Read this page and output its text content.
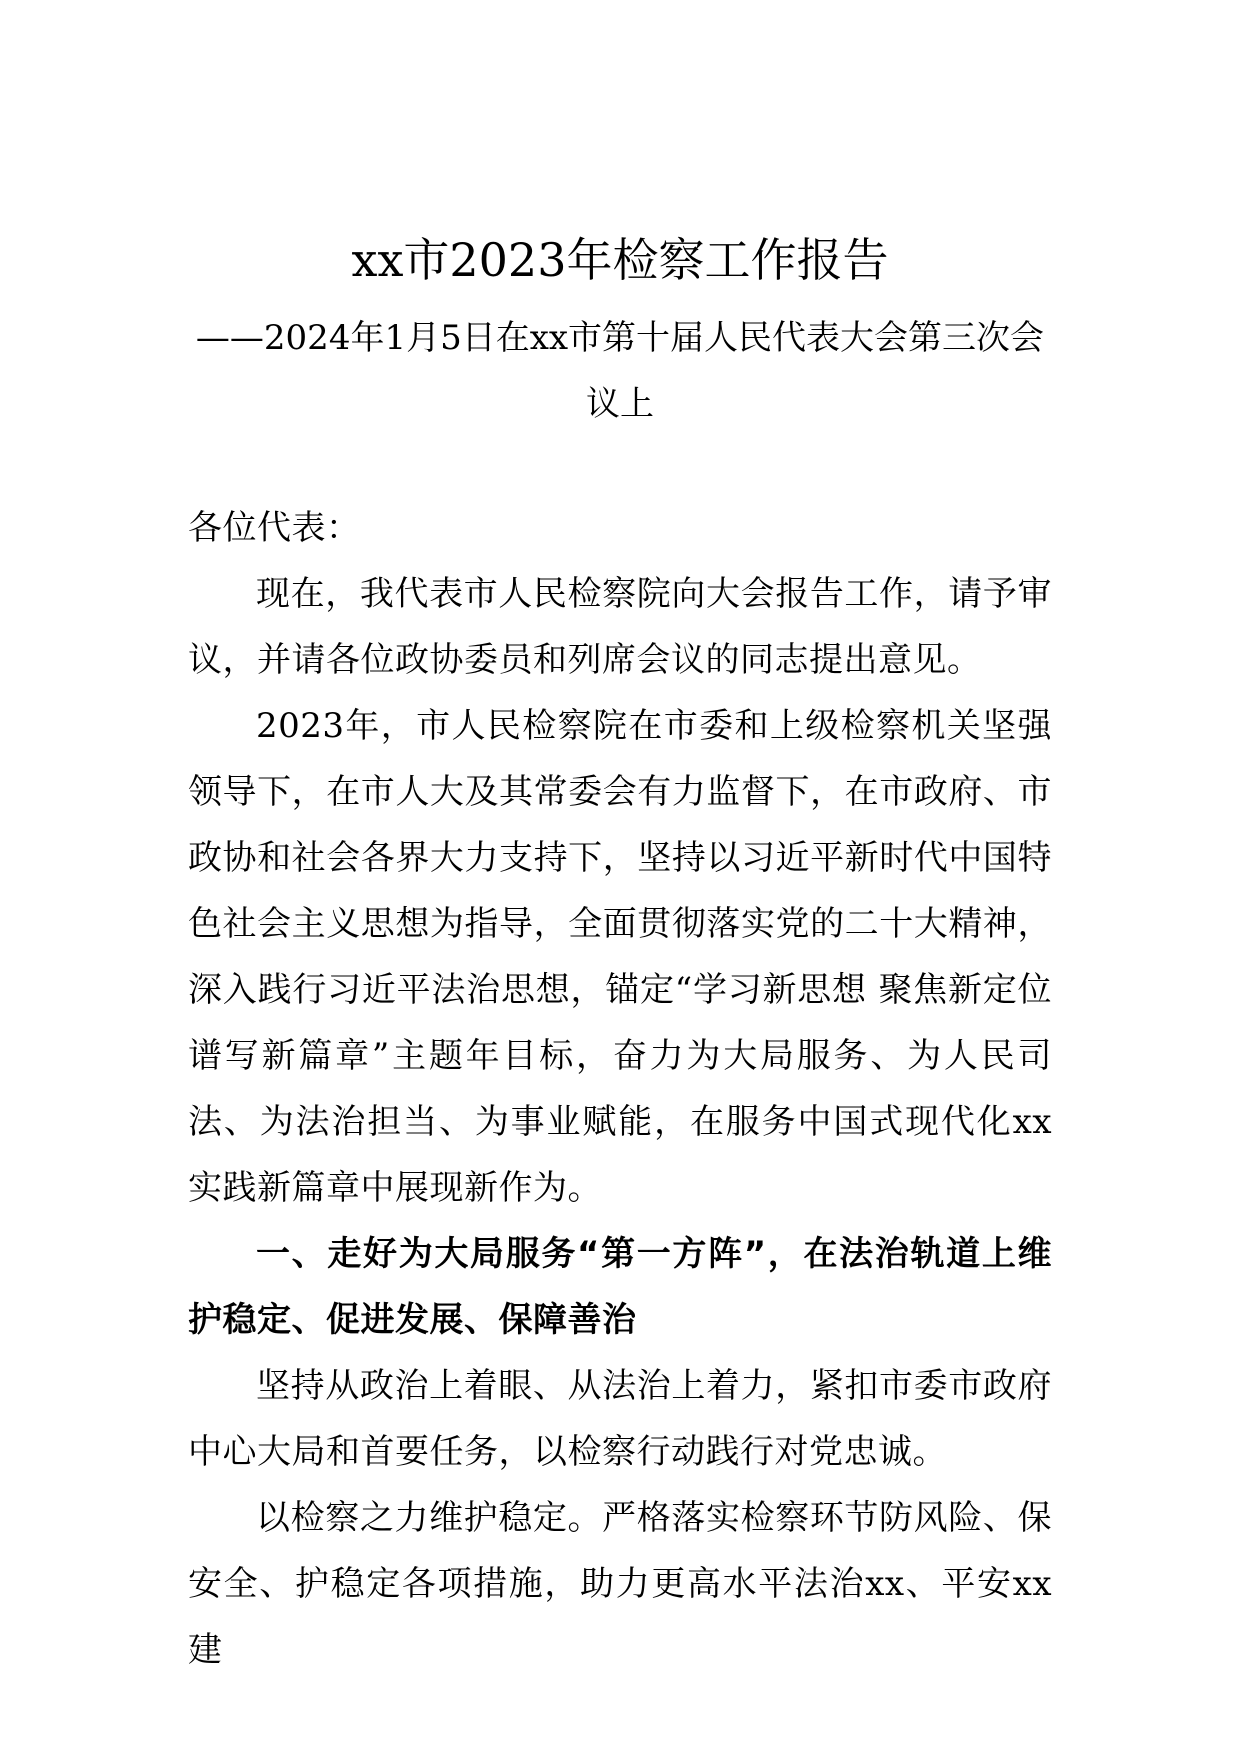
xx市2023年检察工作报告

——2024年1月5日在xx市第十届人民代表大会第三次会议上

各位代表：

现在，我代表市人民检察院向大会报告工作，请予审议，并请各位政协委员和列席会议的同志提出意见。

2023年，市人民检察院在市委和上级检察机关坚强领导下，在市人大及其常委会有力监督下，在市政府、市政协和社会各界大力支持下，坚持以习近平新时代中国特色社会主义思想为指导，全面贯彻落实党的二十大精神，深入践行习近平法治思想，锚定“学习新思想 聚焦新定位 谱写新篇章”主题年目标，奋力为大局服务、为人民司法、为法治担当、为事业赋能，在服务中国式现代化xx实践新篇章中展现新作为。

一、走好为大局服务“第一方阵”，在法治轨道上维护稳定、促进发展、保障善治

坚持从政治上着眼、从法治上着力，紧扣市委市政府中心大局和首要任务，以检察行动践行对党忠诚。

以检察之力维护稳定。严格落实检察环节防风险、保安全、护稳定各项措施，助力更高水平法治xx、平安xx建
